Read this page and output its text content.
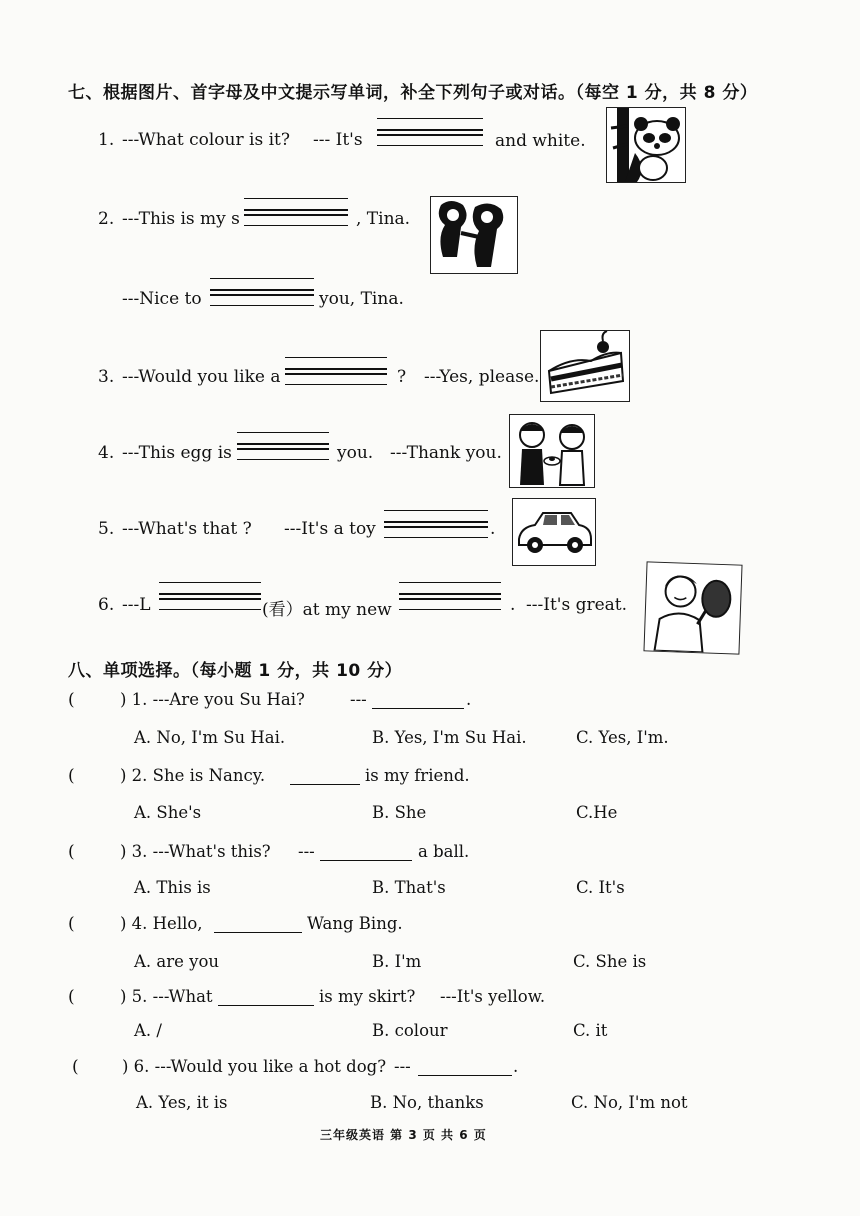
七、根据图片、首字母及中文提示写单词，补全下列句子或对话。（每空 1 分，共 8 分）
1. ---What colour is it? --- It's	and white.
2. ---This is my s	, Tina.
---Nice to	you, Tina.
3. ---Would you like a	? ---Yes, please.
4. ---This egg is	you. ---Thank you.
5. ---What's that ? ---It's a toy	.
6. ---L	(看）at my new	. ---It's great.
八、单项选择。（每小题 1 分，共 10 分）
(	) 1. ---Are you Su Hai?	---	.
A. No, I'm Su Hai.	B. Yes, I'm Su Hai.	C. Yes, I'm.
(	) 2. She is Nancy.	is my friend.
A. She's	B. She	C.He
(	) 3. ---What's this? ---	a ball.
A. This is	B. That's	C. It's
(	) 4. Hello,	Wang Bing.
A. are you	B. I'm	C. She is
(	) 5. ---What	is my skirt? ---It's yellow.
A. /	B. colour	C. it
(	) 6. ---Would you like a hot dog? ---	.
A. Yes, it is	B. No, thanks	C. No, I'm not
三年级英语 第 3 页 共 6 页
